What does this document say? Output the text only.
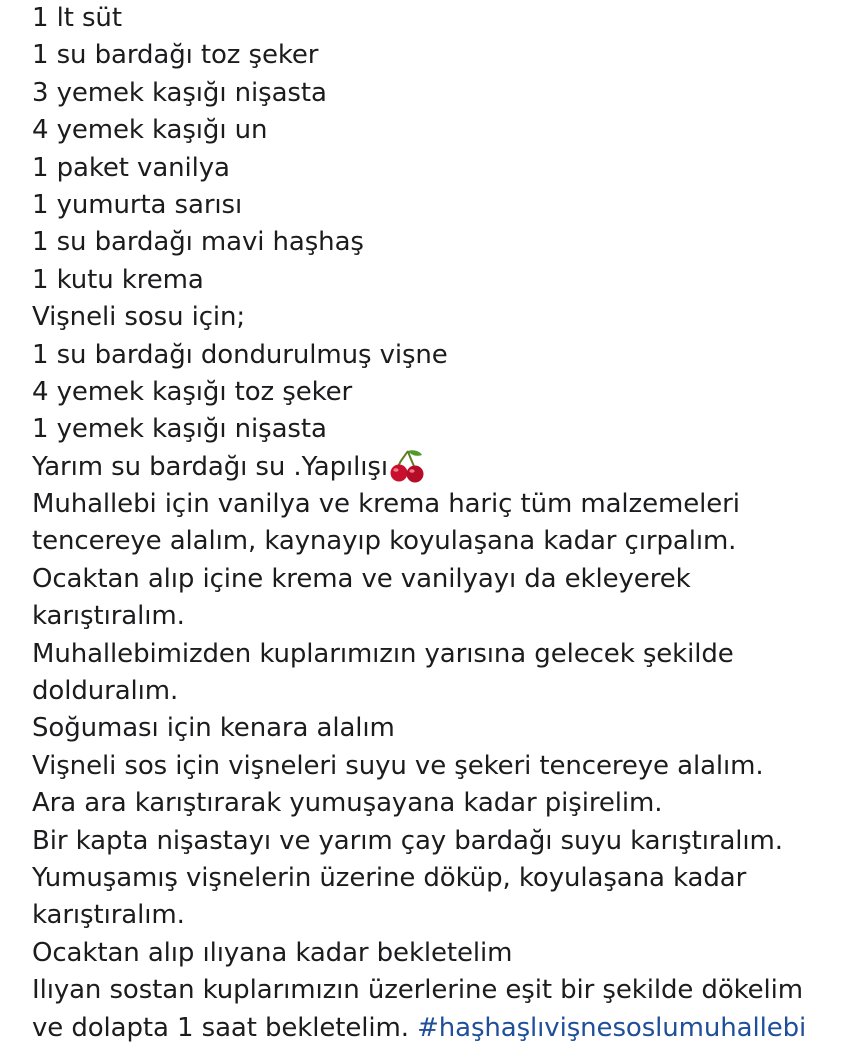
1 lt süt
1 su bardağı toz şeker
3 yemek kaşığı nişasta
4 yemek kaşığı un
1 paket vanilya
1 yumurta sarısı
1 su bardağı mavi haşhaş
1 kutu krema
Vişneli sosu için;
1 su bardağı dondurulmuş vişne
4 yemek kaşığı toz şeker
1 yemek kaşığı nişasta
Yarım su bardağı su .Yapılışı
Muhallebi için vanilya ve krema hariç tüm malzemeleri
tencereye alalım, kaynayıp koyulaşana kadar çırpalım.
Ocaktan alıp içine krema ve vanilyayı da ekleyerek
karıştıralım.
Muhallebimizden kuplarımızın yarısına gelecek şekilde
dolduralım.
Soğuması için kenara alalım
Vişneli sos için vişneleri suyu ve şekeri tencereye alalım.
Ara ara karıştırarak yumuşayana kadar pişirelim.
Bir kapta nişastayı ve yarım çay bardağı suyu karıştıralım.
Yumuşamış vişnelerin üzerine döküp, koyulaşana kadar
karıştıralım.
Ocaktan alıp ılıyana kadar bekletelim
Ilıyan sostan kuplarımızın üzerlerine eşit bir şekilde dökelim
ve dolapta 1 saat bekletelim. #haşhaşlıvişnesoslumuhallebi
